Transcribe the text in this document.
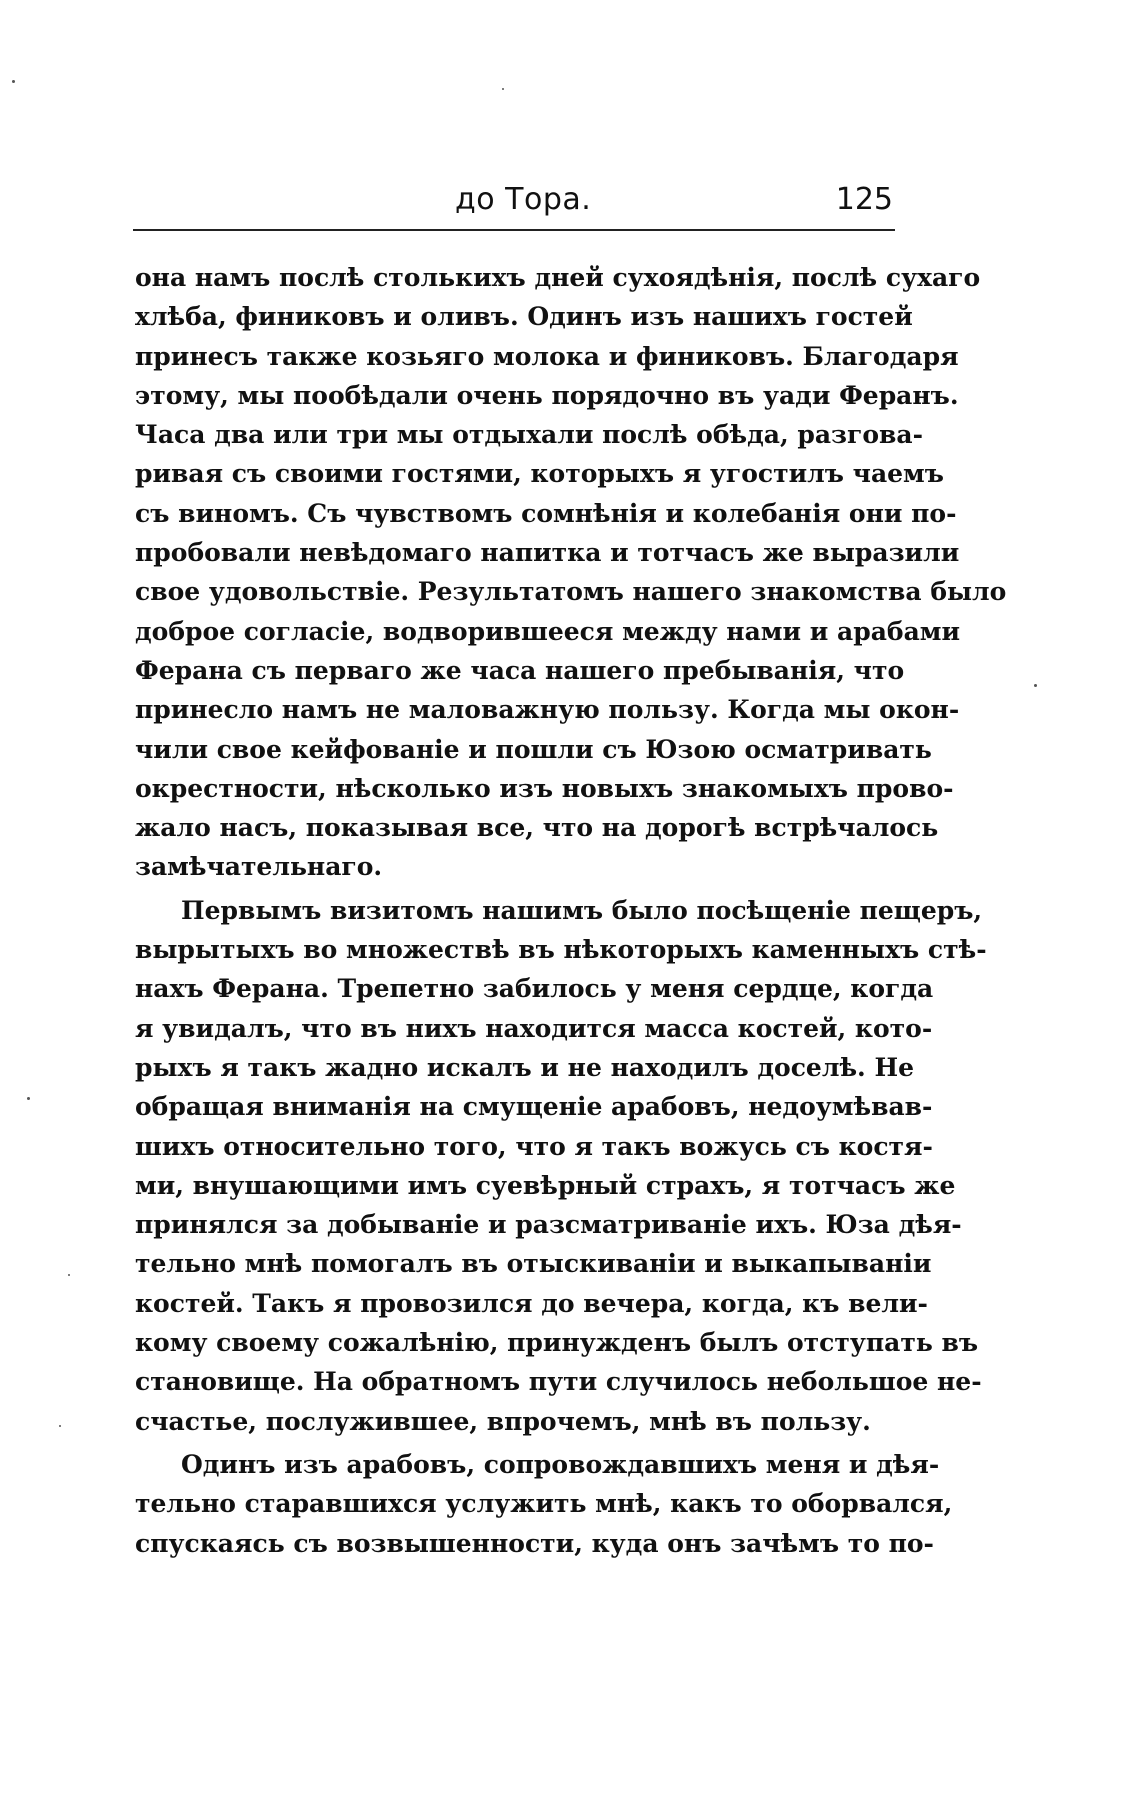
до Тора.	125
она намъ послѣ столькихъ дней сухоядѣнія, послѣ сухаго
хлѣба, финиковъ и оливъ. Одинъ изъ нашихъ гостей
принесъ также козьяго молока и финиковъ. Благодаря
этому, мы пообѣдали очень порядочно въ уади Феранъ.
Часа два или три мы отдыхали послѣ обѣда, разгова-
ривая съ своими гостями, которыхъ я угостилъ чаемъ
съ виномъ. Съ чувствомъ сомнѣнія и колебанія они по-
пробовали невѣдомаго напитка и тотчасъ же выразили
свое удовольствіе. Результатомъ нашего знакомства было
доброе согласіе, водворившееся между нами и арабами
Ферана съ перваго же часа нашего пребыванія, что
принесло намъ не маловажную пользу. Когда мы окон-
чили свое кейфованіе и пошли съ Юзою осматривать
окрестности, нѣсколько изъ новыхъ знакомыхъ прово-
жало насъ, показывая все, что на дорогѣ встрѣчалось
замѣчательнаго.
Первымъ визитомъ нашимъ было посѣщеніе пещеръ,
вырытыхъ во множествѣ въ нѣкоторыхъ каменныхъ стѣ-
нахъ Ферана. Трепетно забилось у меня сердце, когда
я увидалъ, что въ нихъ находится масса костей, кото-
рыхъ я такъ жадно искалъ и не находилъ доселѣ. Не
обращая вниманія на смущеніе арабовъ, недоумѣвав-
шихъ относительно того, что я такъ вожусь съ костя-
ми, внушающими имъ суевѣрный страхъ, я тотчасъ же
принялся за добываніе и разсматриваніе ихъ. Юза дѣя-
тельно мнѣ помогалъ въ отыскиваніи и выкапываніи
костей. Такъ я провозился до вечера, когда, къ вели-
кому своему сожалѣнію, принужденъ былъ отступать въ
становище. На обратномъ пути случилось небольшое не-
счастье, послужившее, впрочемъ, мнѣ въ пользу.
Одинъ изъ арабовъ, сопровождавшихъ меня и дѣя-
тельно старавшихся услужить мнѣ, какъ то оборвался,
спускаясь съ возвышенности, куда онъ зачѣмъ то по-
